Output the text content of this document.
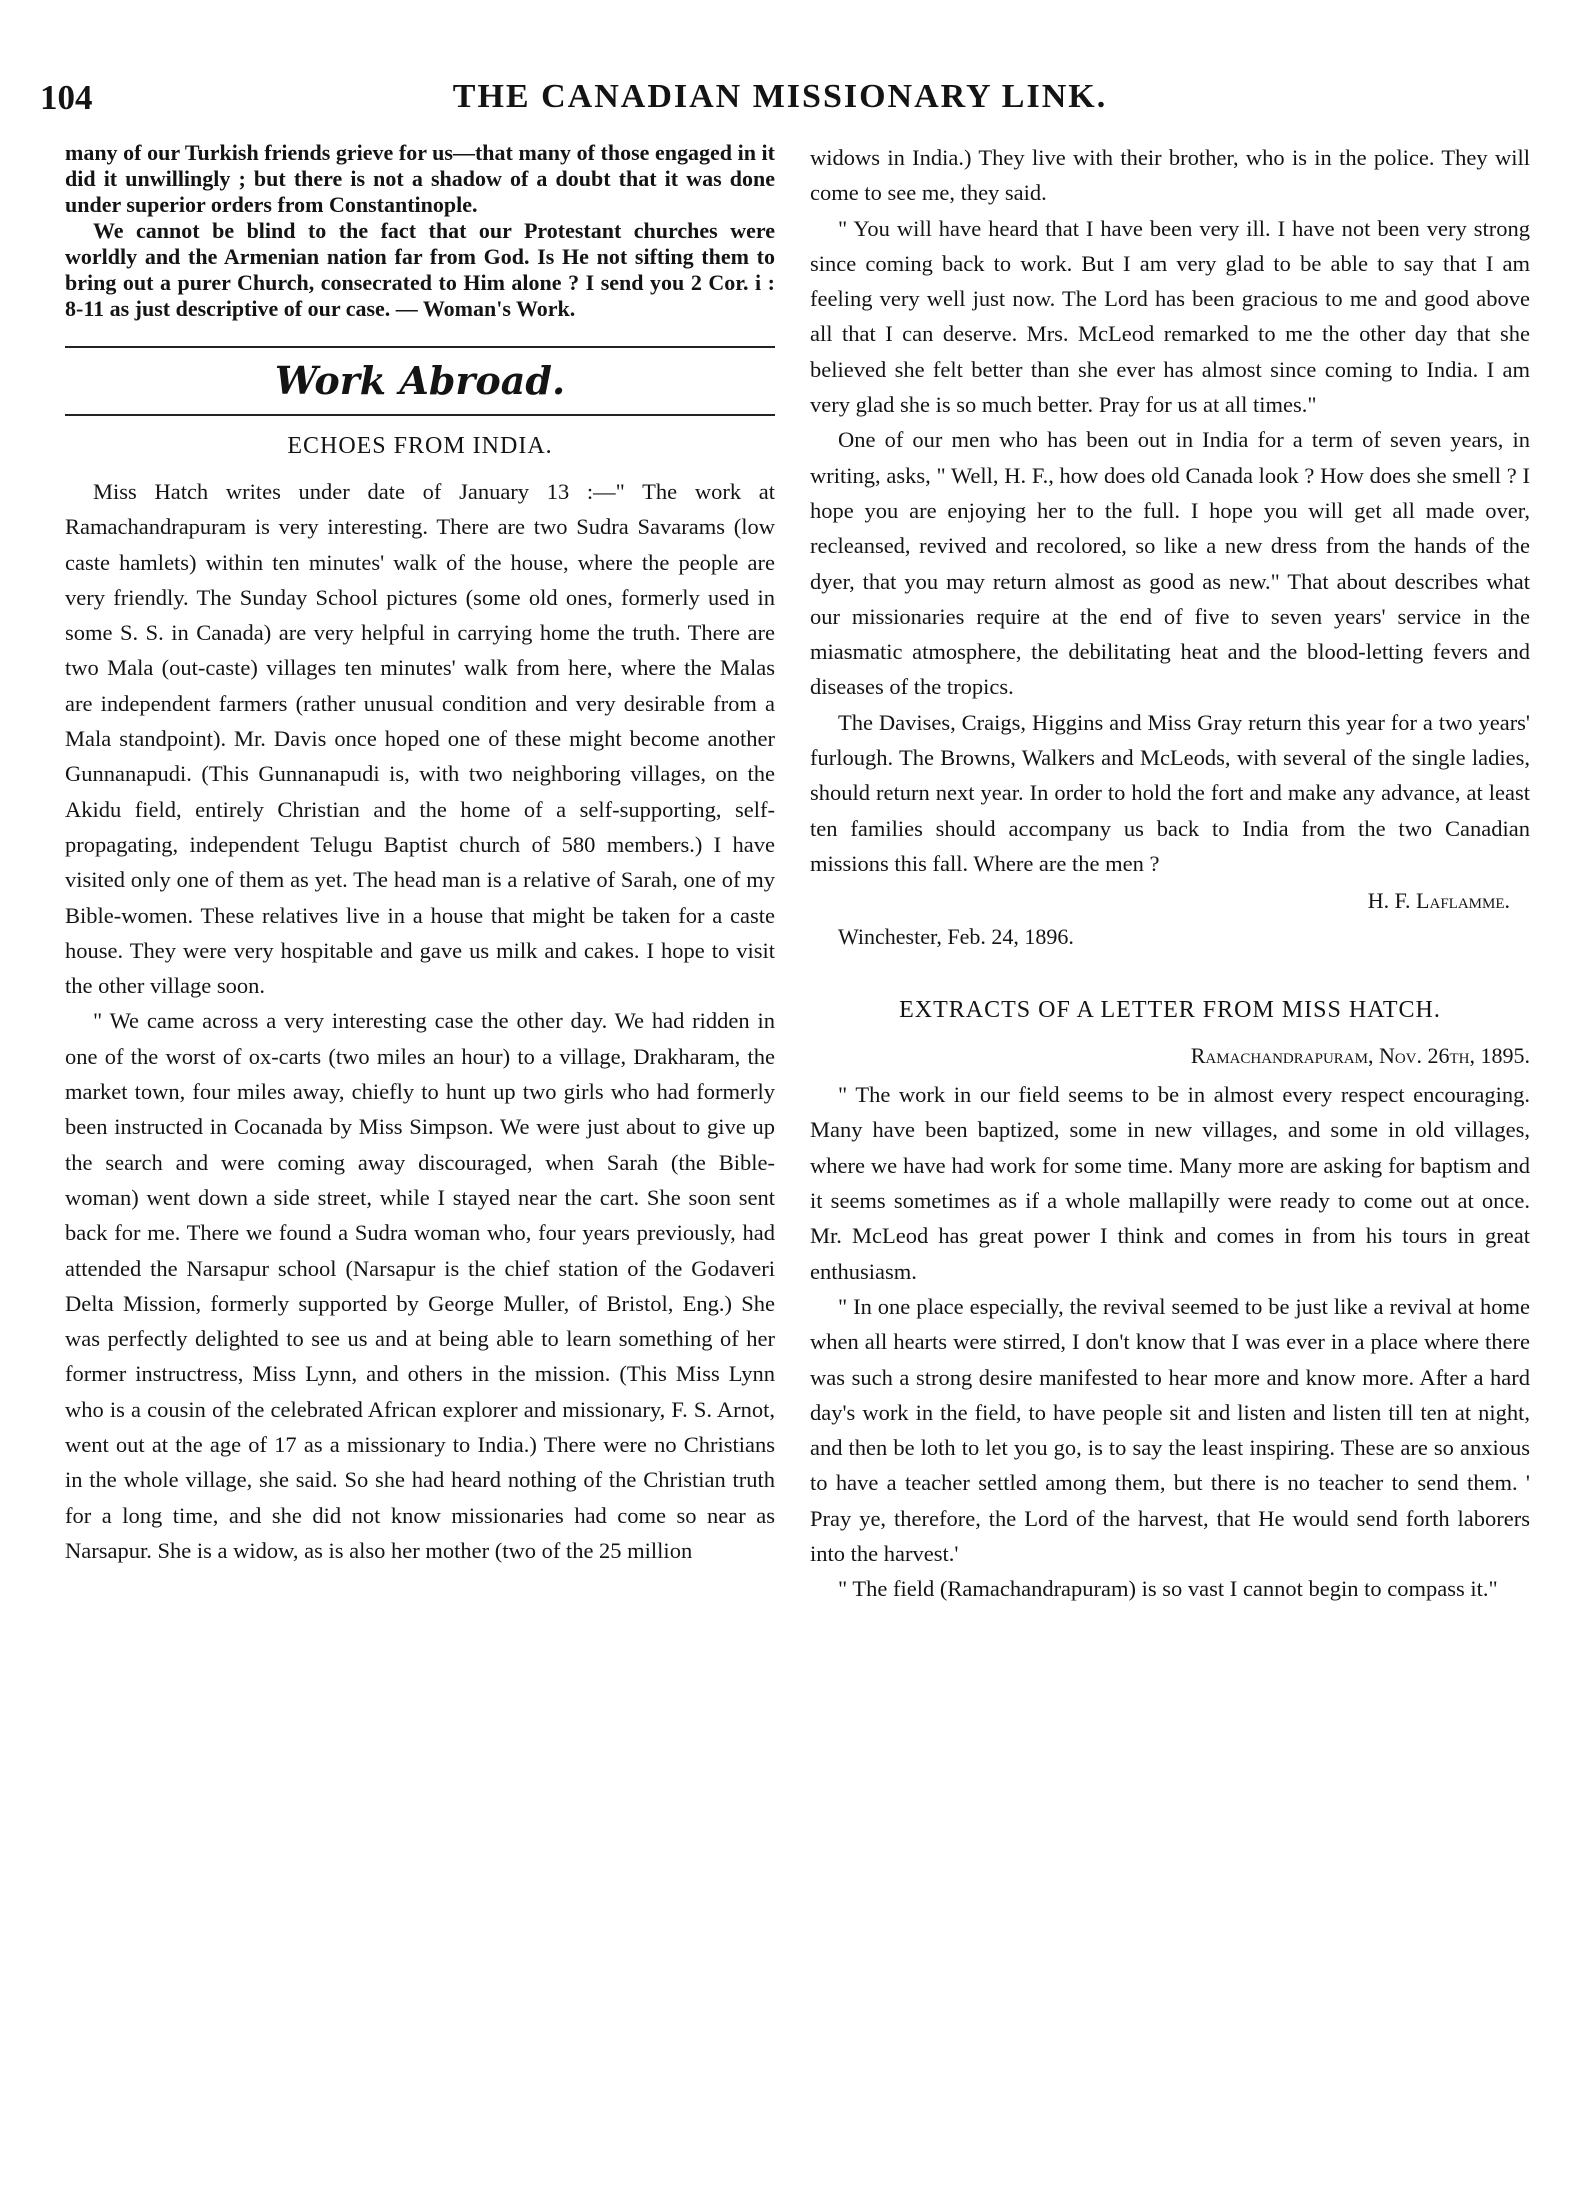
104	THE CANADIAN MISSIONARY LINK.

many of our Turkish friends grieve for us—that many of those engaged in it did it unwillingly ; but there is not a shadow of a doubt that it was done under superior orders from Constantinople.

We cannot be blind to the fact that our Protestant churches were worldly and the Armenian nation far from God. Is He not sifting them to bring out a purer Church, consecrated to Him alone ? I send you 2 Cor. i : 8-11 as just descriptive of our case. — Woman's Work.

Work Abroad.
ECHOES FROM INDIA.

Miss Hatch writes under date of January 13 :—" The work at Ramachandrapuram is very interesting. There are two Sudra Savarams (low caste hamlets) within ten minutes' walk of the house, where the people are very friendly. The Sunday School pictures (some old ones, formerly used in some S. S. in Canada) are very helpful in carrying home the truth. There are two Mala (out-caste) villages ten minutes' walk from here, where the Malas are independent farmers (rather unusual condition and very desirable from a Mala standpoint). Mr. Davis once hoped one of these might become another Gunnanapudi. (This Gunnanapudi is, with two neighboring villages, on the Akidu field, entirely Christian and the home of a self-supporting, self-propagating, independent Telugu Baptist church of 580 members.) I have visited only one of them as yet. The head man is a relative of Sarah, one of my Bible-women. These relatives live in a house that might be taken for a caste house. They were very hospitable and gave us milk and cakes. I hope to visit the other village soon.

" We came across a very interesting case the other day. We had ridden in one of the worst of ox-carts (two miles an hour) to a village, Drakharam, the market town, four miles away, chiefly to hunt up two girls who had formerly been instructed in Cocanada by Miss Simpson. We were just about to give up the search and were coming away discouraged, when Sarah (the Bible-woman) went down a side street, while I stayed near the cart. She soon sent back for me. There we found a Sudra woman who, four years previously, had attended the Narsapur school (Narsapur is the chief station of the Godaveri Delta Mission, formerly supported by George Muller, of Bristol, Eng.) She was perfectly delighted to see us and at being able to learn something of her former instructress, Miss Lynn, and others in the mission. (This Miss Lynn who is a cousin of the celebrated African explorer and missionary, F. S. Arnot, went out at the age of 17 as a missionary to India.) There were no Christians in the whole village, she said. So she had heard nothing of the Christian truth for a long time, and she did not know missionaries had come so near as Narsapur. She is a widow, as is also her mother (two of the 25 million

widows in India.) They live with their brother, who is in the police. They will come to see me, they said.

" You will have heard that I have been very ill. I have not been very strong since coming back to work. But I am very glad to be able to say that I am feeling very well just now. The Lord has been gracious to me and good above all that I can deserve. Mrs. McLeod remarked to me the other day that she believed she felt better than she ever has almost since coming to India. I am very glad she is so much better. Pray for us at all times."

One of our men who has been out in India for a term of seven years, in writing, asks, " Well, H. F., how does old Canada look ? How does she smell ? I hope you are enjoying her to the full. I hope you will get all made over, recleansed, revived and recolored, so like a new dress from the hands of the dyer, that you may return almost as good as new." That about describes what our missionaries require at the end of five to seven years' service in the miasmatic atmosphere, the debilitating heat and the blood-letting fevers and diseases of the tropics.

The Davises, Craigs, Higgins and Miss Gray return this year for a two years' furlough. The Browns, Walkers and McLeods, with several of the single ladies, should return next year. In order to hold the fort and make any advance, at least ten families should accompany us back to India from the two Canadian missions this fall. Where are the men ?

H. F. Laflamme.

Winchester, Feb. 24, 1896.

EXTRACTS OF A LETTER FROM MISS HATCH.
Ramachandrapuram, Nov. 26th, 1895.

" The work in our field seems to be in almost every respect encouraging. Many have been baptized, some in new villages, and some in old villages, where we have had work for some time. Many more are asking for baptism and it seems sometimes as if a whole mallapilly were ready to come out at once. Mr. McLeod has great power I think and comes in from his tours in great enthusiasm.

" In one place especially, the revival seemed to be just like a revival at home when all hearts were stirred, I don't know that I was ever in a place where there was such a strong desire manifested to hear more and know more. After a hard day's work in the field, to have people sit and listen and listen till ten at night, and then be loth to let you go, is to say the least inspiring. These are so anxious to have a teacher settled among them, but there is no teacher to send them. ' Pray ye, therefore, the Lord of the harvest, that He would send forth laborers into the harvest.'

" The field (Ramachandrapuram) is so vast I cannot begin to compass it."
